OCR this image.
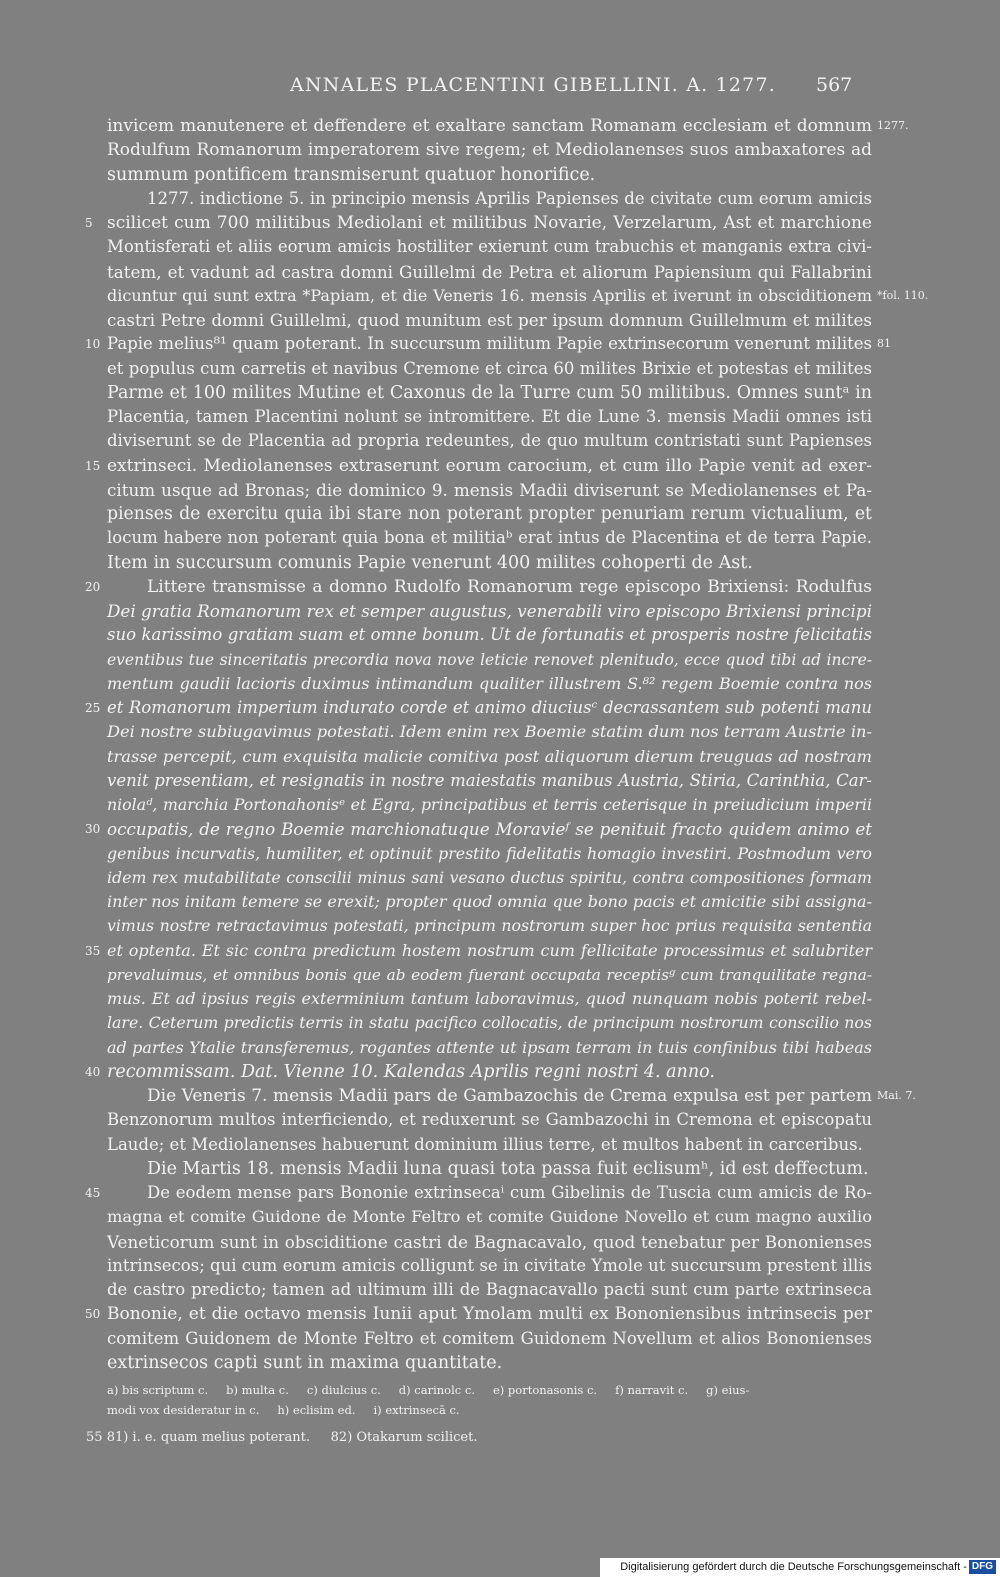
ANNALES PLACENTINI GIBELLINI. A. 1277. 567
invicem manutenere et deffendere et exaltare sanctam Romanam ecclesiam et domnum 1277.
Rodulfum Romanorum imperatorem sive regem; et Mediolanenses suos ambaxatores ad
summum pontificem transmiserunt quatuor honorifice.
1277. indictione 5. in principio mensis Aprilis Papienses de civitate cum eorum amicis
5 scilicet cum 700 militibus Mediolani et militibus Novarie, Verzelarum, Ast et marchione
Montisferati et aliis eorum amicis hostiliter exierunt cum trabuchis et manganis extra civi-
tatem, et vadunt ad castra domni Guillelmi de Petra et aliorum Papiensium qui Fallabrini
dicuntur qui sunt extra *Papiam, et die Veneris 16. mensis Aprilis et iverunt in obsciditionem *fol. 110.
castri Petre domni Guillelmi, quod munitum est per ipsum domnum Guillelmum et milites
10 Papie melius⁸¹ quam poterant. In succursum militum Papie extrinsecorum venerunt milites 81
et populus cum carretis et navibus Cremone et circa 60 milites Brixie et potestas et milites
Parme et 100 milites Mutine et Caxonus de la Turre cum 50 militibus. Omnes suntᵃ in
Placentia, tamen Placentini nolunt se intromittere. Et die Lune 3. mensis Madii omnes isti
diviserunt se de Placentia ad propria redeuntes, de quo multum contristati sunt Papienses
15 extrinseci. Mediolanenses extraserunt eorum carocium, et cum illo Papie venit ad exer-
citum usque ad Bronas; die dominico 9. mensis Madii diviserunt se Mediolanenses et Pa-
pienses de exercitu quia ibi stare non poterant propter penuriam rerum victualium, et
locum habere non poterant quia bona et militiaᵇ erat intus de Placentina et de terra Papie.
Item in succursum comunis Papie venerunt 400 milites cohoperti de Ast.
20	Littere transmisse a domno Rudolfo Romanorum rege episcopo Brixiensi: Rodulfus
Dei gratia Romanorum rex et semper augustus, venerabili viro episcopo Brixiensi principi
suo karissimo gratiam suam et omne bonum. Ut de fortunatis et prosperis nostre felicitatis
eventibus tue sinceritatis precordia nova nove leticie renovet plenitudo, ecce quod tibi ad incre-
mentum gaudii lacioris duximus intimandum qualiter illustrem S.⁸² regem Boemie contra nos
25 et Romanorum imperium indurato corde et animo diuciusᶜ decrassantem sub potenti manu
Dei nostre subiugavimus potestati. Idem enim rex Boemie statim dum nos terram Austrie in-
trasse percepit, cum exquisita malicie comitiva post aliquorum dierum treuguas ad nostram
venit presentiam, et resignatis in nostre maiestatis manibus Austria, Stiria, Carinthia, Car-
niolaᵈ, marchia Portonahonisᵉ et Egra, principatibus et terris ceterisque in preiudicium imperii
30 occupatis, de regno Boemie marchionatuque Moravieᶠ se penituit fracto quidem animo et
genibus incurvatis, humiliter, et optinuit prestito fidelitatis homagio investiri. Postmodum vero
idem rex mutabilitate conscilii minus sani vesano ductus spiritu, contra compositiones formam
inter nos initam temere se erexit; propter quod omnia que bono pacis et amicitie sibi assigna-
vimus nostre retractavimus potestati, principum nostrorum super hoc prius requisita sententia
35 et optenta. Et sic contra predictum hostem nostrum cum fellicitate processimus et salubriter
prevaluimus, et omnibus bonis que ab eodem fuerant occupata receptisᵍ cum tranquilitate regna-
mus. Et ad ipsius regis exterminium tantum laboravimus, quod nunquam nobis poterit rebel-
lare. Ceterum predictis terris in statu pacifico collocatis, de principum nostrorum conscilio nos
ad partes Ytalie transferemus, rogantes attente ut ipsam terram in tuis confinibus tibi habeas
40 recommissam. Dat. Vienne 10. Kalendas Aprilis regni nostri 4. anno.
Die Veneris 7. mensis Madii pars de Gambazochis de Crema expulsa est per partem Mai. 7.
Benzonorum multos interficiendo, et reduxerunt se Gambazochi in Cremona et episcopatu
Laude; et Mediolanenses habuerunt dominium illius terre, et multos habent in carceribus.
Die Martis 18. mensis Madii luna quasi tota passa fuit eclisumʰ, id est deffectum.
45	De eodem mense pars Bononie extrinsecaⁱ cum Gibelinis de Tuscia cum amicis de Ro-
magna et comite Guidone de Monte Feltro et comite Guidone Novello et cum magno auxilio
Veneticorum sunt in obsciditione castri de Bagnacavalo, quod tenebatur per Bononienses
intrinsecos; qui cum eorum amicis colligunt se in civitate Ymole ut succursum prestent illis
de castro predicto; tamen ad ultimum illi de Bagnacavallo pacti sunt cum parte extrinseca
50 Bononie, et die octavo mensis Iunii aput Ymolam multi ex Bononiensibus intrinsecis per
comitem Guidonem de Monte Feltro et comitem Guidonem Novellum et alios Bononienses
extrinsecos capti sunt in maxima quantitate.
a) bis scriptum c. b) multa c. c) diulcius c. d) carinolc c. e) portonasonis c. f) narravit c. g) eius-
modi vox desideratur in c. h) eclisim ed. i) extrinsecā c.
55 81) i. e. quam melius poterant.     82) Otakarum scilicet.
Digitalisierung gefördert durch die Deutsche Forschungsgemeinschaft - DFG
